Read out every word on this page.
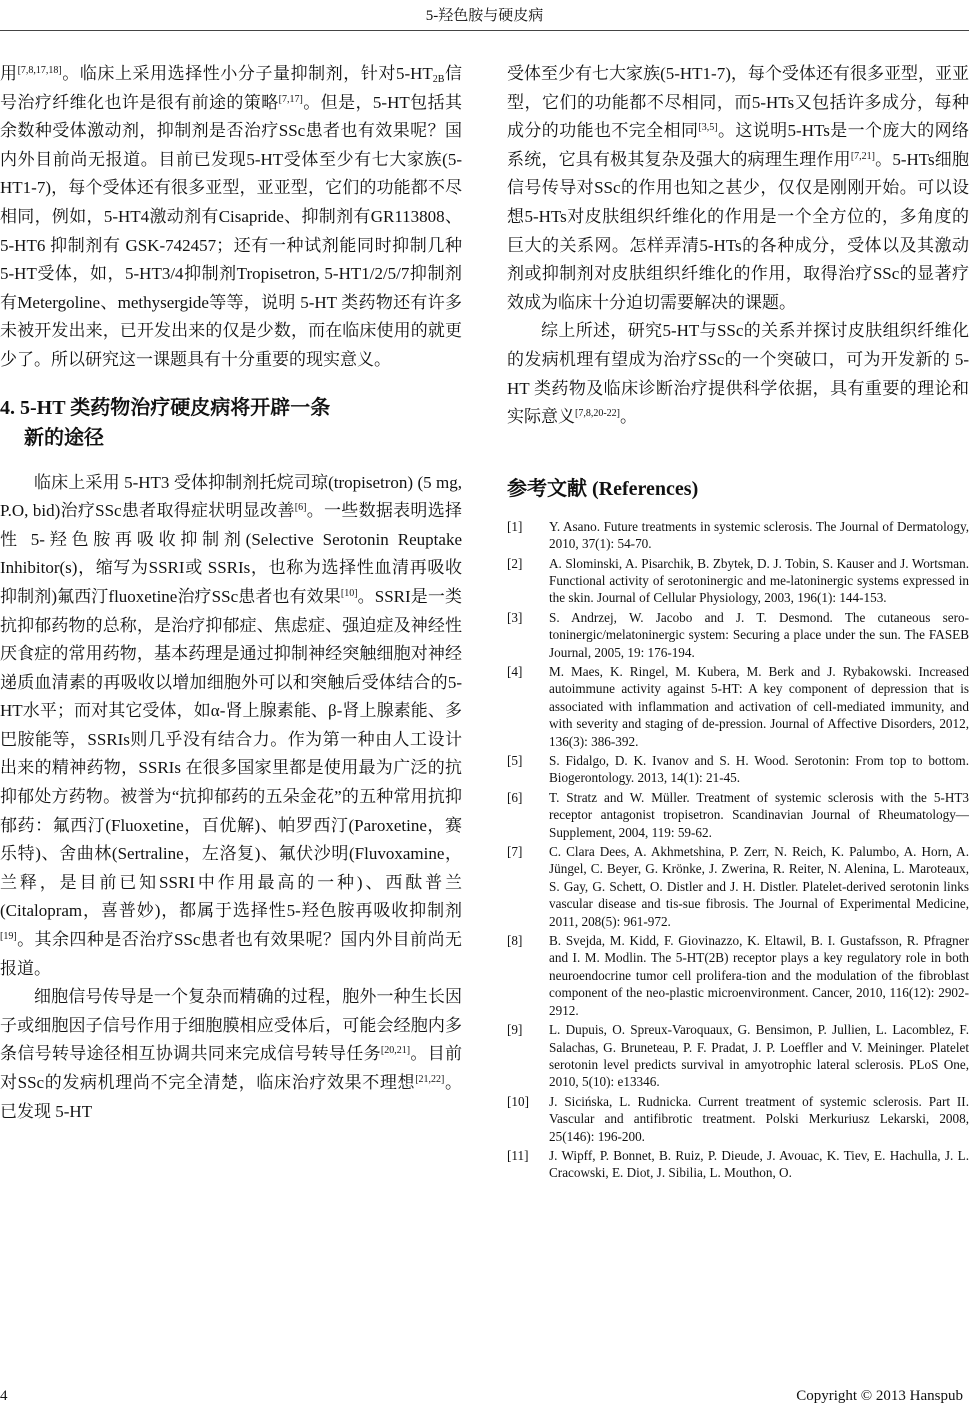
5-羟色胺与硬皮病

用[7,8,17,18]。临床上采用选择性小分子量抑制剂，针对$5-HT_{2B}$信号治疗纤维化也许是很有前途的策略[7,17]。但是，5-HT包括其余数种受体激动剂，抑制剂是否治疗SSc患者也有效果呢？国内外目前尚无报道。目前已发现5-HT受体至少有七大家族(5-HT1-7)，每个受体还有很多亚型，亚亚型，它们的功能都不尽相同，例如，5-HT4激动剂有Cisapride、抑制剂有GR113808、5-HT6 抑制剂有 GSK-742457；还有一种试剂能同时抑制几种5-HT受体，如，5-HT3/4抑制剂Tropisetron, 5-HT1/2/5/7抑制剂有Metergoline、methysergide等等，说明 5-HT 类药物还有许多未被开发出来，已开发出来的仅是少数，而在临床使用的就更少了。所以研究这一课题具有十分重要的现实意义。

4. 5-HT 类药物治疗硬皮病将开辟一条
新的途径

临床上采用 5-HT3 受体抑制剂托烷司琼(tropisetron) (5 mg, P.O, bid)治疗SSc患者取得症状明显改善[6]。一些数据表明选择性 5-羟色胺再吸收抑制剂(Selective Serotonin Reuptake Inhibitor(s)，缩写为SSRI或 SSRIs，也称为选择性血清再吸收抑制剂)氟西汀fluoxetine治疗SSc患者也有效果[10]。SSRI是一类抗抑郁药物的总称，是治疗抑郁症、焦虑症、强迫症及神经性厌食症的常用药物，基本药理是通过抑制神经突触细胞对神经递质血清素的再吸收以增加细胞外可以和突触后受体结合的5-HT水平；而对其它受体，如α-肾上腺素能、β-肾上腺素能、多巴胺能等，SSRIs则几乎没有结合力。作为第一种由人工设计出来的精神药物，SSRIs 在很多国家里都是使用最为广泛的抗抑郁处方药物。被誉为“抗抑郁药的五朵金花”的五种常用抗抑郁药：氟西汀(Fluoxetine，百优解)、帕罗西汀(Paroxetine，赛乐特)、舍曲林(Sertraline，左洛复)、氟伏沙明(Fluvoxamine，兰释，是目前已知SSRI中作用最高的一种)、西酞普兰(Citalopram，喜普妙)，都属于选择性5-羟色胺再吸收抑制剂[19]。其余四种是否治疗SSc患者也有效果呢？国内外目前尚无报道。

细胞信号传导是一个复杂而精确的过程，胞外一种生长因子或细胞因子信号作用于细胞膜相应受体后，可能会经胞内多条信号转导途径相互协调共同来完成信号转导任务[20,21]。目前对SSc的发病机理尚不完全清楚，临床治疗效果不理想[21,22]。已发现 5-HT

受体至少有七大家族(5-HT1-7)，每个受体还有很多亚型，亚亚型，它们的功能都不尽相同，而5-HTs又包括许多成分，每种成分的功能也不完全相同[3,5]。这说明5-HTs是一个庞大的网络系统，它具有极其复杂及强大的病理生理作用[7,21]。5-HTs细胞信号传导对SSc的作用也知之甚少，仅仅是刚刚开始。可以设想5-HTs对皮肤组织纤维化的作用是一个全方位的，多角度的巨大的关系网。怎样弄清5-HTs的各种成分，受体以及其激动剂或抑制剂对皮肤组织纤维化的作用，取得治疗SSc的显著疗效成为临床十分迫切需要解决的课题。

综上所述，研究5-HT与SSc的关系并探讨皮肤组织纤维化的发病机理有望成为治疗SSc的一个突破口，可为开发新的 5-HT 类药物及临床诊断治疗提供科学依据，具有重要的理论和实际意义[7,8,20-22]。

参考文献 (References)
[1]	Y. Asano. Future treatments in systemic sclerosis. The Journal of Dermatology, 2010, 37(1): 54-70.
[2]	A. Slominski, A. Pisarchik, B. Zbytek, D. J. Tobin, S. Kauser and J. Wortsman. Functional activity of serotoninergic and me-latoninergic systems expressed in the skin. Journal of Cellular Physiology, 2003, 196(1): 144-153.
[3]	S. Andrzej, W. Jacobo and J. T. Desmond. The cutaneous sero-toninergic/melatoninergic system: Securing a place under the sun. The FASEB Journal, 2005, 19: 176-194.
[4]	M. Maes, K. Ringel, M. Kubera, M. Berk and J. Rybakowski. Increased autoimmune activity against 5-HT: A key component of depression that is associated with inflammation and activation of cell-mediated immunity, and with severity and staging of de-pression. Journal of Affective Disorders, 2012, 136(3): 386-392.
[5]	S. Fidalgo, D. K. Ivanov and S. H. Wood. Serotonin: From top to bottom. Biogerontology. 2013, 14(1): 21-45.
[6]	T. Stratz and W. Müller. Treatment of systemic sclerosis with the 5-HT3 receptor antagonist tropisetron. Scandinavian Journal of Rheumatology—Supplement, 2004, 119: 59-62.
[7]	C. Clara Dees, A. Akhmetshina, P. Zerr, N. Reich, K. Palumbo, A. Horn, A. Jüngel, C. Beyer, G. Krönke, J. Zwerina, R. Reiter, N. Alenina, L. Maroteaux, S. Gay, G. Schett, O. Distler and J. H. Distler. Platelet-derived serotonin links vascular disease and tis-sue fibrosis. The Journal of Experimental Medicine, 2011, 208(5): 961-972.
[8]	B. Svejda, M. Kidd, F. Giovinazzo, K. Eltawil, B. I. Gustafsson, R. Pfragner and I. M. Modlin. The 5-HT(2B) receptor plays a key regulatory role in both neuroendocrine tumor cell prolifera-tion and the modulation of the fibroblast component of the neo-plastic microenvironment. Cancer, 2010, 116(12): 2902-2912.
[9]	L. Dupuis, O. Spreux-Varoquaux, G. Bensimon, P. Jullien, L. Lacomblez, F. Salachas, G. Bruneteau, P. F. Pradat, J. P. Loeffler and V. Meininger. Platelet serotonin level predicts survival in amyotrophic lateral sclerosis. PLoS One, 2010, 5(10): e13346.
[10]	J. Sicińska, L. Rudnicka. Current treatment of systemic sclerosis. Part II. Vascular and antifibrotic treatment. Polski Merkuriusz Lekarski, 2008, 25(146): 196-200.
[11]	J. Wipff, P. Bonnet, B. Ruiz, P. Dieude, J. Avouac, K. Tiev, E. Hachulla, J. L. Cracowski, E. Diot, J. Sibilia, L. Mouthon, O.
4	Copyright © 2013 Hanspub
